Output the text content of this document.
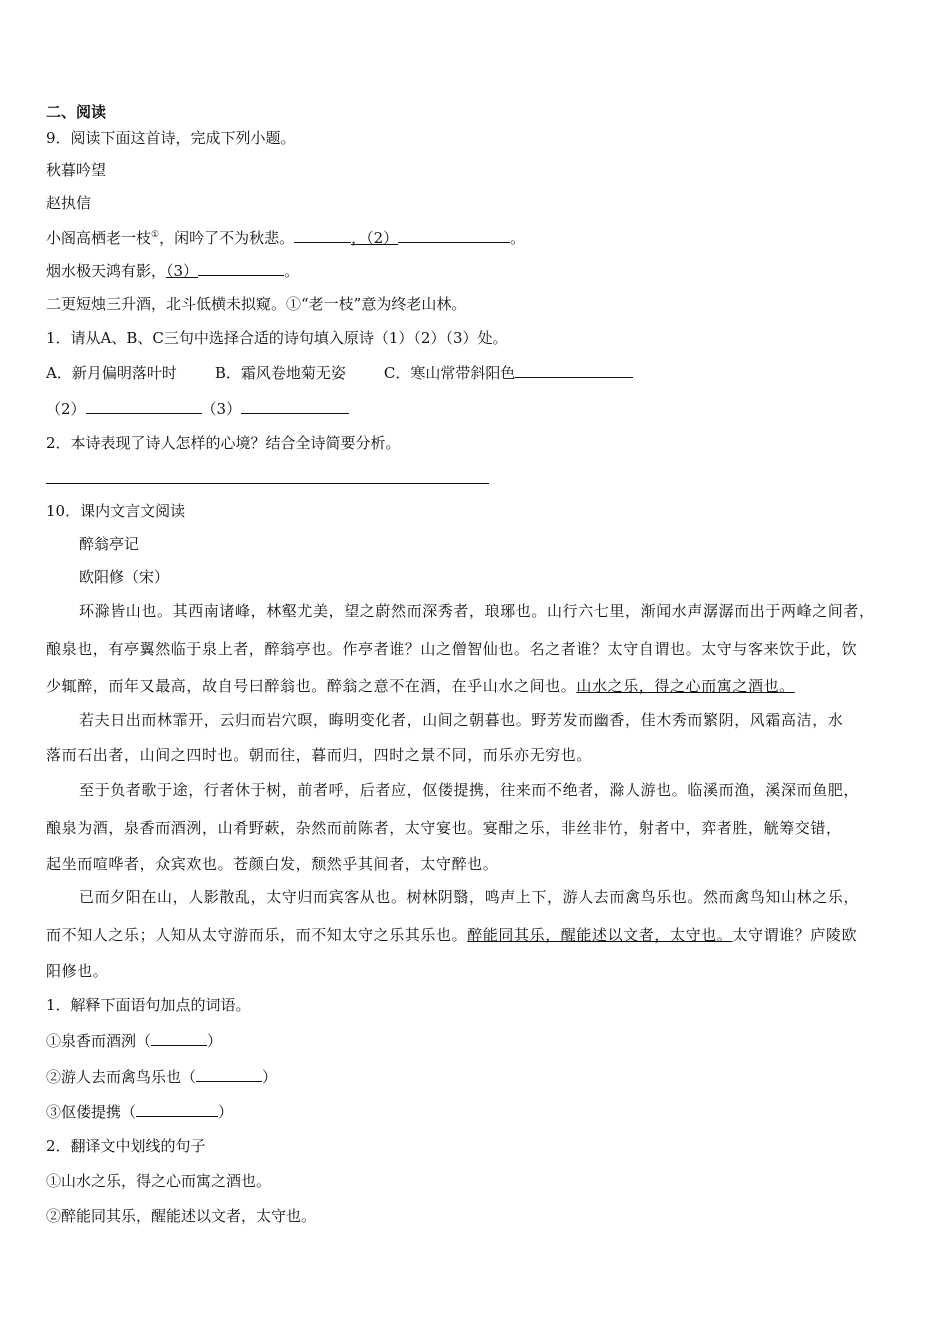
二、阅读
9．阅读下面这首诗，完成下列小题。
秋暮吟望
赵执信
小阁高栖老一枝①，闲吟了不为秋悲。	，（2）	。
烟水极天鸿有影，（3）	。
二更短烛三升酒，北斗低横未拟窥。①“老一枝”意为终老山林。
1．请从A、B、C三句中选择合适的诗句填入原诗（1）（2）（3）处。
A．新月偏明落叶时	B．霜风卷地菊无姿	C．寒山常带斜阳色
（2）	（3）
2．本诗表现了诗人怎样的心境？结合全诗简要分析。
10．课内文言文阅读
醉翁亭记
欧阳修（宋）
环滁皆山也。其西南诸峰，林壑尤美，望之蔚然而深秀者，琅琊也。山行六七里，渐闻水声潺潺而出于两峰之间者，
酿泉也，有亭翼然临于泉上者，醉翁亭也。作亭者谁？山之僧智仙也。名之者谁？太守自谓也。太守与客来饮于此，饮
少辄醉，而年又最高，故自号曰醉翁也。醉翁之意不在酒，在乎山水之间也。山水之乐，得之心而寓之酒也。
若夫日出而林霏开，云归而岩穴暝，晦明变化者，山间之朝暮也。野芳发而幽香，佳木秀而繁阴，风霜高洁，水
落而石出者，山间之四时也。朝而往，暮而归，四时之景不同，而乐亦无穷也。
至于负者歌于途，行者休于树，前者呼，后者应，伛偻提携，往来而不绝者，滁人游也。临溪而渔，溪深而鱼肥，
酿泉为酒，泉香而酒洌，山肴野蔌，杂然而前陈者，太守宴也。宴酣之乐，非丝非竹，射者中，弈者胜，觥筹交错，
起坐而喧哗者，众宾欢也。苍颜白发，颓然乎其间者，太守醉也。
已而夕阳在山，人影散乱，太守归而宾客从也。树林阴翳，鸣声上下，游人去而禽鸟乐也。然而禽鸟知山林之乐，
而不知人之乐；人知从太守游而乐，而不知太守之乐其乐也。醉能同其乐，醒能述以文者，太守也。太守谓谁？庐陵欧
阳修也。
1．解释下面语句加点的词语。
①泉香而酒洌（	）
②游人去而禽鸟乐也（	）
③伛偻提携（	）
2．翻译文中划线的句子
①山水之乐，得之心而寓之酒也。
②醉能同其乐，醒能述以文者，太守也。
